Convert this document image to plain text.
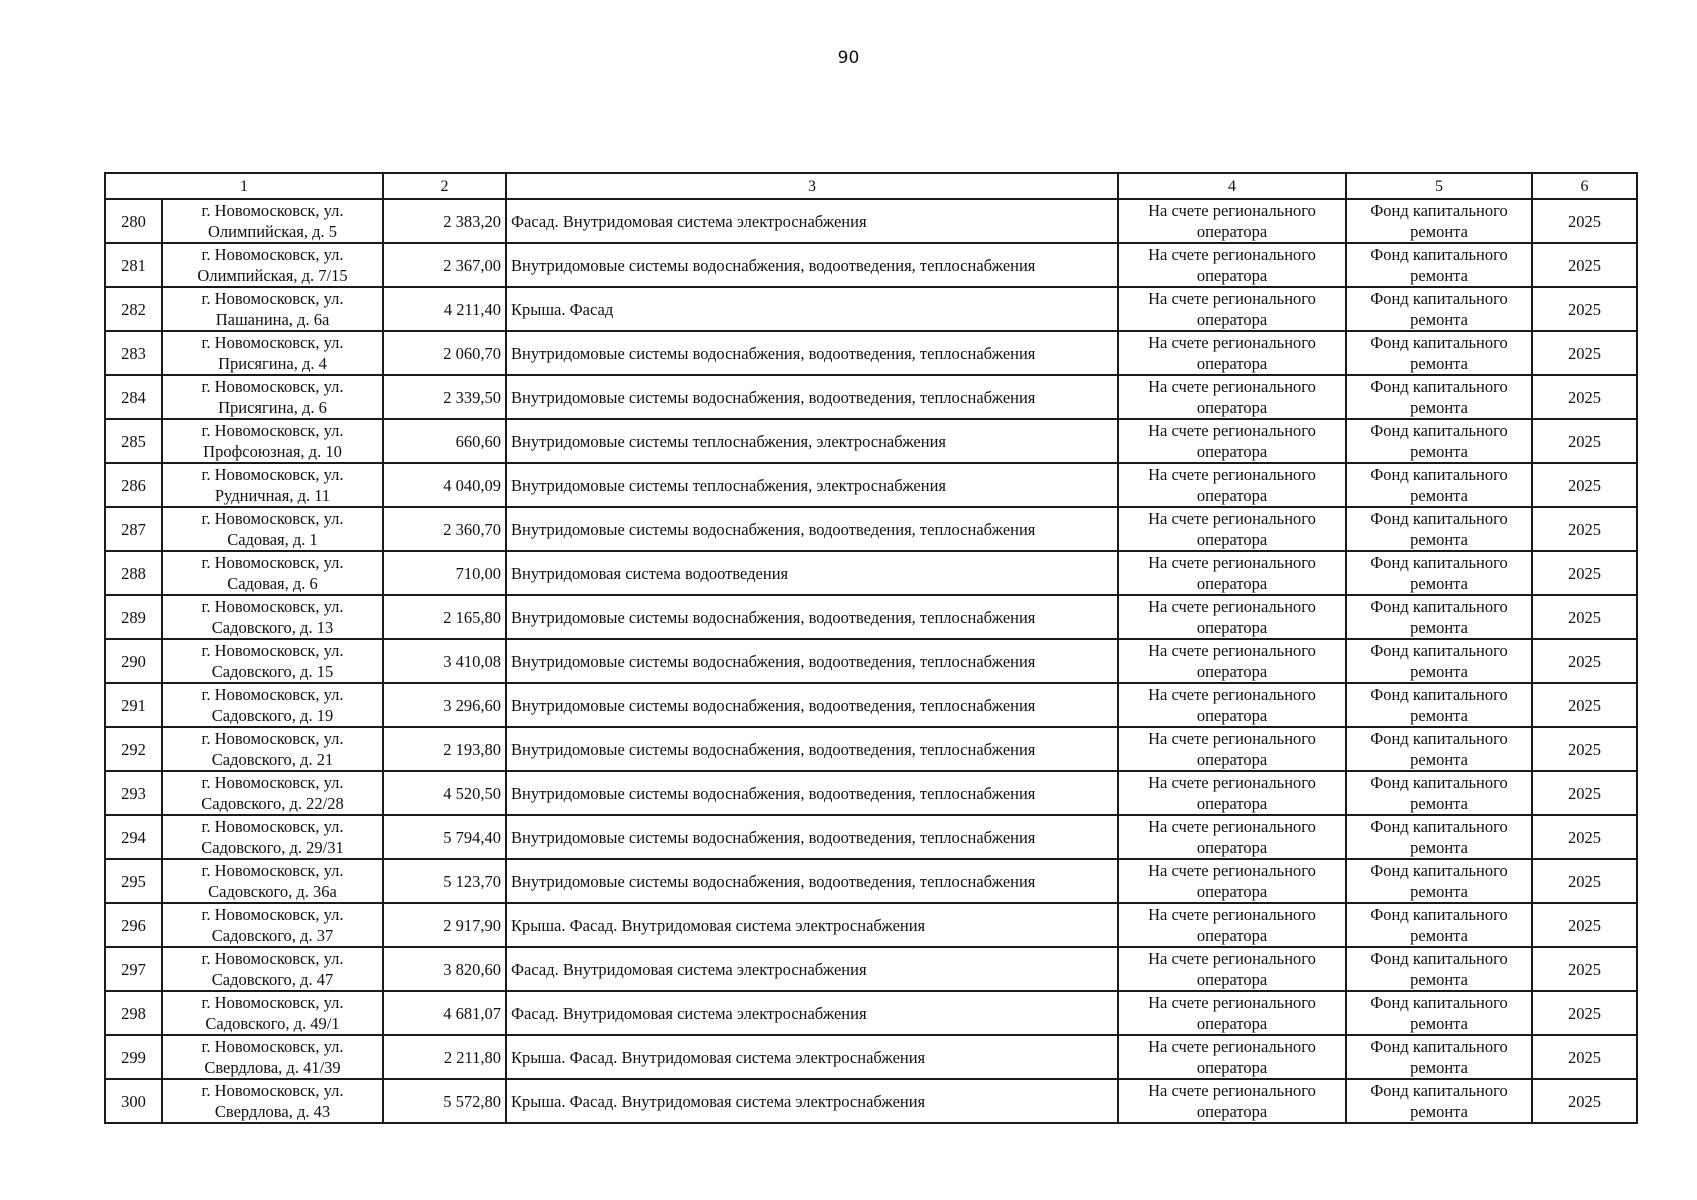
90
1		2	3	4	5	6
280	г. Новомосковск, ул.
Олимпийская, д. 5	2 383,20	Фасад. Внутридомовая система электроснабжения	На счете регионального
оператора	Фонд капитального
ремонта	2025
281	г. Новомосковск, ул.
Олимпийская, д. 7/15	2 367,00	Внутридомовые системы водоснабжения, водоотведения, теплоснабжения	На счете регионального
оператора	Фонд капитального
ремонта	2025
282	г. Новомосковск, ул.
Пашанина, д. 6а	4 211,40	Крыша. Фасад	На счете регионального
оператора	Фонд капитального
ремонта	2025
283	г. Новомосковск, ул.
Присягина, д. 4	2 060,70	Внутридомовые системы водоснабжения, водоотведения, теплоснабжения	На счете регионального
оператора	Фонд капитального
ремонта	2025
284	г. Новомосковск, ул.
Присягина, д. 6	2 339,50	Внутридомовые системы водоснабжения, водоотведения, теплоснабжения	На счете регионального
оператора	Фонд капитального
ремонта	2025
285	г. Новомосковск, ул.
Профсоюзная, д. 10	660,60	Внутридомовые системы теплоснабжения, электроснабжения	На счете регионального
оператора	Фонд капитального
ремонта	2025
286	г. Новомосковск, ул.
Рудничная, д. 11	4 040,09	Внутридомовые системы теплоснабжения, электроснабжения	На счете регионального
оператора	Фонд капитального
ремонта	2025
287	г. Новомосковск, ул.
Садовая, д. 1	2 360,70	Внутридомовые системы водоснабжения, водоотведения, теплоснабжения	На счете регионального
оператора	Фонд капитального
ремонта	2025
288	г. Новомосковск, ул.
Садовая, д. 6	710,00	Внутридомовая система водоотведения	На счете регионального
оператора	Фонд капитального
ремонта	2025
289	г. Новомосковск, ул.
Садовского, д. 13	2 165,80	Внутридомовые системы водоснабжения, водоотведения, теплоснабжения	На счете регионального
оператора	Фонд капитального
ремонта	2025
290	г. Новомосковск, ул.
Садовского, д. 15	3 410,08	Внутридомовые системы водоснабжения, водоотведения, теплоснабжения	На счете регионального
оператора	Фонд капитального
ремонта	2025
291	г. Новомосковск, ул.
Садовского, д. 19	3 296,60	Внутридомовые системы водоснабжения, водоотведения, теплоснабжения	На счете регионального
оператора	Фонд капитального
ремонта	2025
292	г. Новомосковск, ул.
Садовского, д. 21	2 193,80	Внутридомовые системы водоснабжения, водоотведения, теплоснабжения	На счете регионального
оператора	Фонд капитального
ремонта	2025
293	г. Новомосковск, ул.
Садовского, д. 22/28	4 520,50	Внутридомовые системы водоснабжения, водоотведения, теплоснабжения	На счете регионального
оператора	Фонд капитального
ремонта	2025
294	г. Новомосковск, ул.
Садовского, д. 29/31	5 794,40	Внутридомовые системы водоснабжения, водоотведения, теплоснабжения	На счете регионального
оператора	Фонд капитального
ремонта	2025
295	г. Новомосковск, ул.
Садовского, д. 36а	5 123,70	Внутридомовые системы водоснабжения, водоотведения, теплоснабжения	На счете регионального
оператора	Фонд капитального
ремонта	2025
296	г. Новомосковск, ул.
Садовского, д. 37	2 917,90	Крыша. Фасад. Внутридомовая система электроснабжения	На счете регионального
оператора	Фонд капитального
ремонта	2025
297	г. Новомосковск, ул.
Садовского, д. 47	3 820,60	Фасад. Внутридомовая система электроснабжения	На счете регионального
оператора	Фонд капитального
ремонта	2025
298	г. Новомосковск, ул.
Садовского, д. 49/1	4 681,07	Фасад. Внутридомовая система электроснабжения	На счете регионального
оператора	Фонд капитального
ремонта	2025
299	г. Новомосковск, ул.
Свердлова, д. 41/39	2 211,80	Крыша. Фасад. Внутридомовая система электроснабжения	На счете регионального
оператора	Фонд капитального
ремонта	2025
300	г. Новомосковск, ул.
Свердлова, д. 43	5 572,80	Крыша. Фасад. Внутридомовая система электроснабжения	На счете регионального
оператора	Фонд капитального
ремонта	2025
